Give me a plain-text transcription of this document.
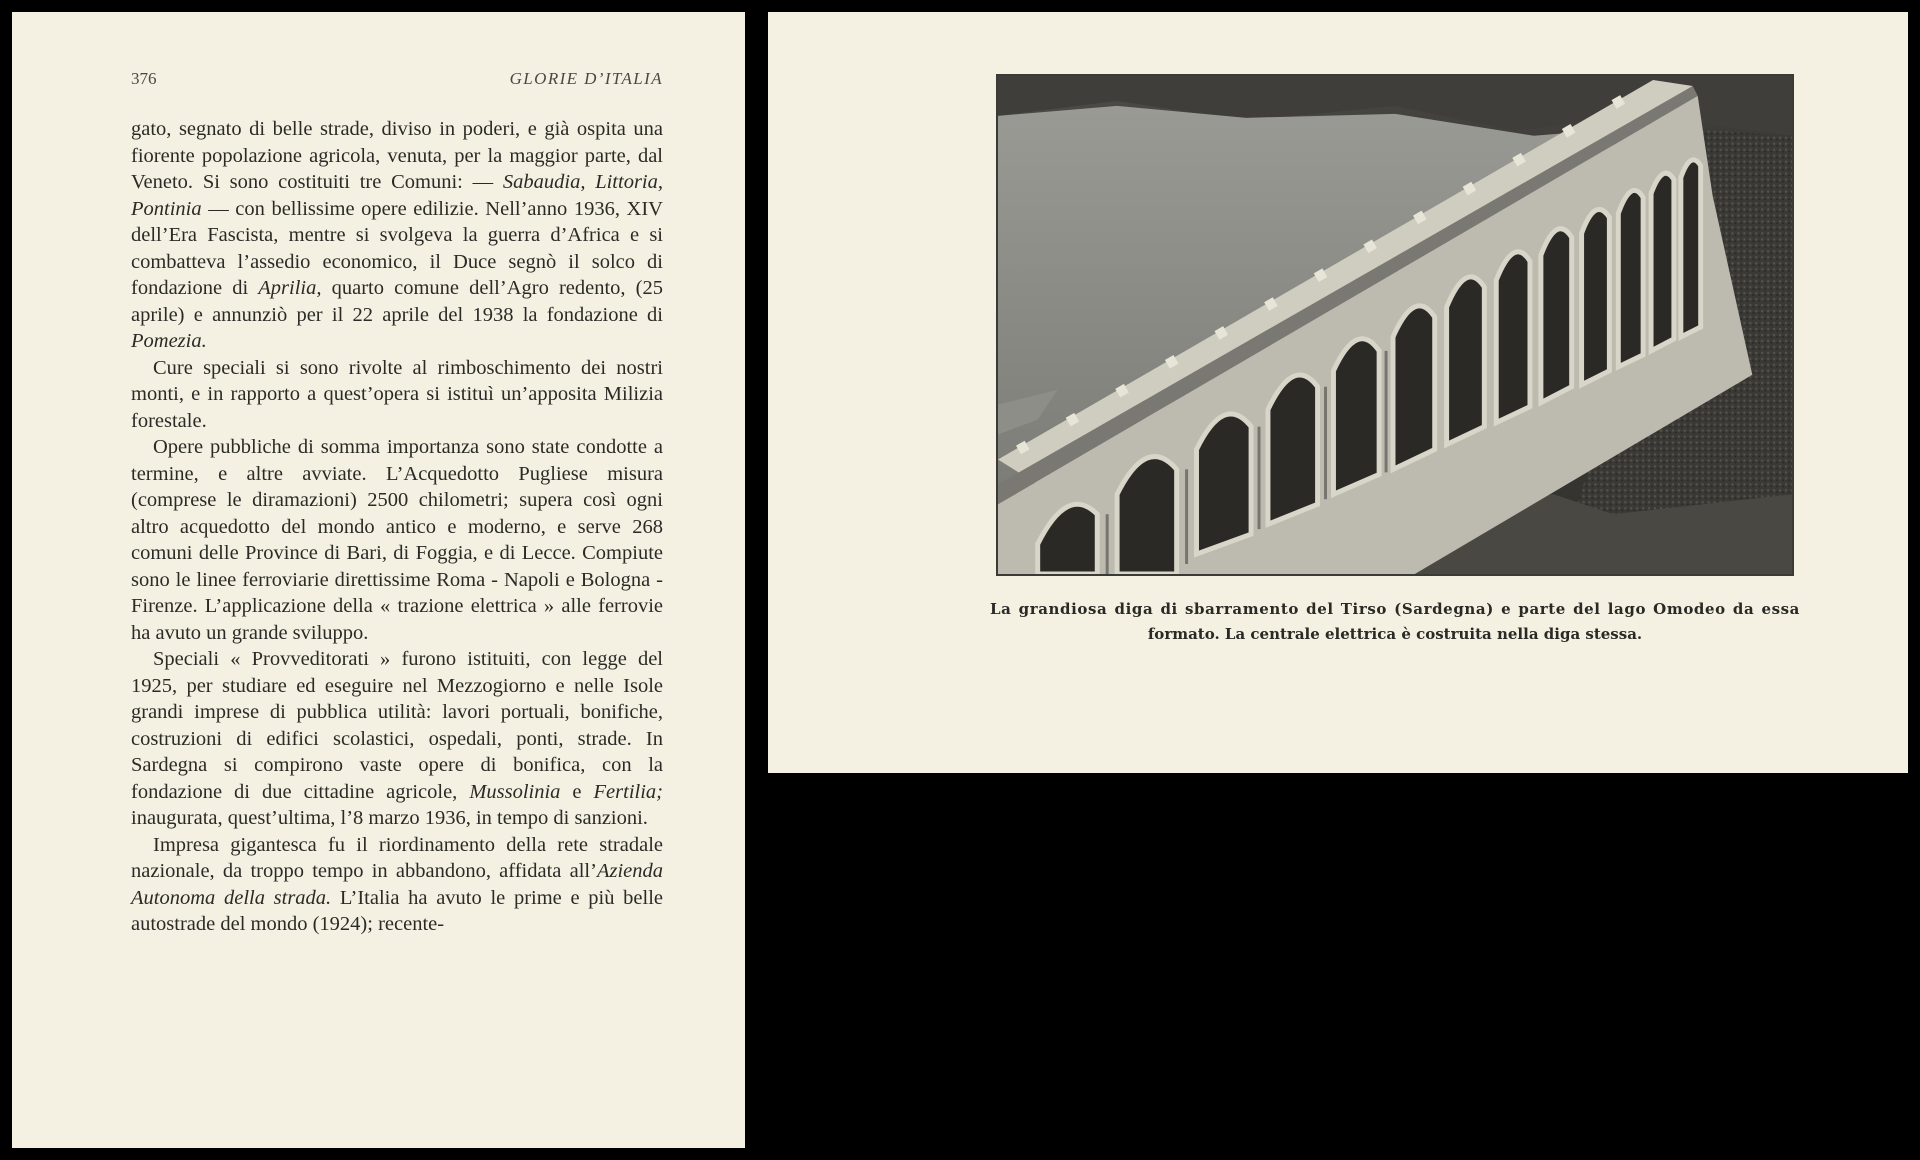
376	GLORIE D’ITALIA

gato, segnato di belle strade, diviso in poderi, e già ospita una fiorente popolazione agricola, venuta, per la maggior parte, dal Veneto. Si sono costituiti tre Comuni: — Sabaudia, Littoria, Pontinia — con bellissime opere edilizie. Nell’anno 1936, XIV dell’Era Fascista, mentre si svolgeva la guerra d’Africa e si combatteva l’assedio economico, il Duce segnò il solco di fondazione di Aprilia, quarto comune dell’Agro redento, (25 aprile) e annunziò per il 22 aprile del 1938 la fondazione di Pomezia.

Cure speciali si sono rivolte al rimboschimento dei nostri monti, e in rapporto a quest’opera si istituì un’apposita Milizia forestale.

Opere pubbliche di somma importanza sono state condotte a termine, e altre avviate. L’Acquedotto Pugliese misura (comprese le diramazioni) 2500 chilometri; supera così ogni altro acquedotto del mondo antico e moderno, e serve 268 comuni delle Province di Bari, di Foggia, e di Lecce. Compiute sono le linee ferroviarie direttissime Roma - Napoli e Bologna - Firenze. L’applicazione della « trazione elettrica » alle ferrovie ha avuto un grande sviluppo.

Speciali « Provveditorati » furono istituiti, con legge del 1925, per studiare ed eseguire nel Mezzogiorno e nelle Isole grandi imprese di pubblica utilità: lavori portuali, bonifiche, costruzioni di edifici scolastici, ospedali, ponti, strade. In Sardegna si compirono vaste opere di bonifica, con la fondazione di due cittadine agricole, Mussolinia e Fertilia; inaugurata, quest’ultima, l’8 marzo 1936, in tempo di sanzioni.

Impresa gigantesca fu il riordinamento della rete stradale nazionale, da troppo tempo in abbandono, affidata all’Azienda Autonoma della strada. L’Italia ha avuto le prime e più belle autostrade del mondo (1924); recente-

La grandiosa diga di sbarramento del Tirso (Sardegna) e parte del lago Omodeo da essa
formato. La centrale elettrica è costruita nella diga stessa.
